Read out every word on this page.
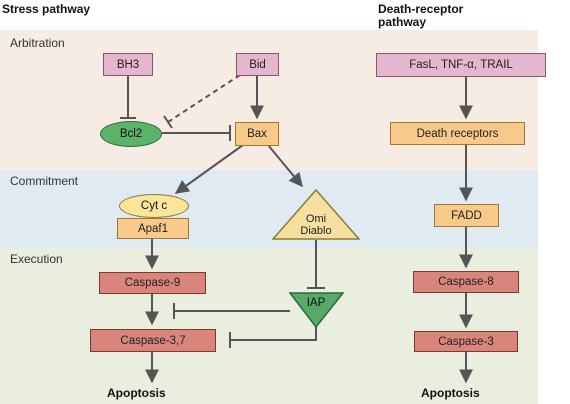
Stress pathway	Death-receptor
pathway
Arbitration
Commitment
Execution
BH3	Bid
Bcl2	Bax
Cyt c
Apaf1
Omi
Diablo
Caspase-9
IAP
Caspase-3,7
Apoptosis
FasL, TNF-α, TRAIL
Death receptors
FADD
Caspase-8
Caspase-3
Apoptosis
